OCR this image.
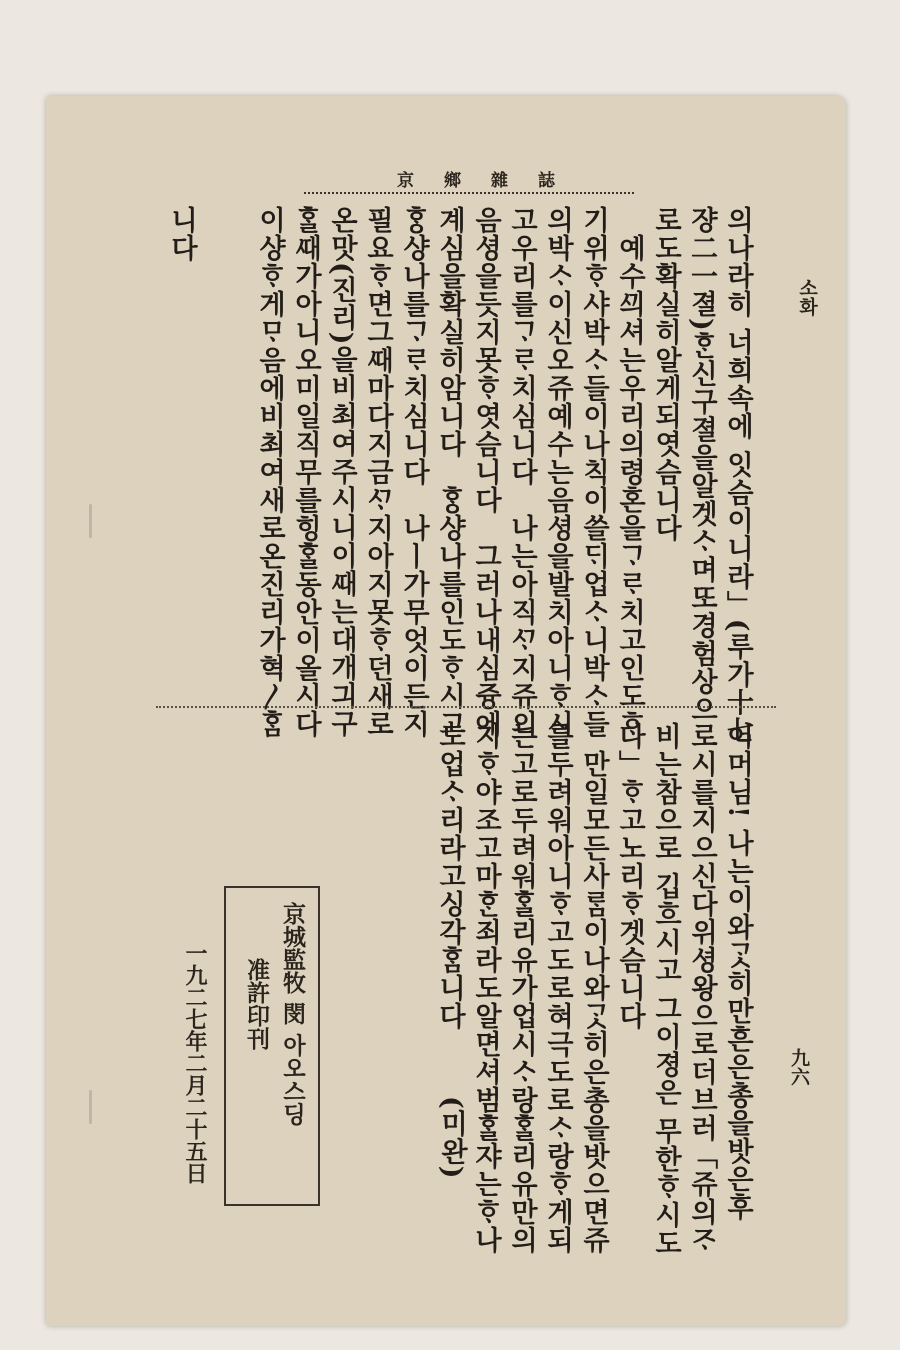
京鄉雜誌
소화
九六
의나라히 너희속에 잇슴이니라」(루가十七
쟝二一졀)ᄒᆞᆫ신구졀을알겟ᄉᆞ며또경험상으
로도확실히알게되엿슴니다
　예수ᄭᅴ셔는우리의령혼을ᄀᆞᄅᆞ치고인도ᄒᆞ
기위ᄒᆞ샤박ᄉᆞ들이나칙이쓸ᄃᆡ업ᄉᆞ니박ᄉᆞ들
의박ᄉᆞ이신오쥬예수는음셩을발치아니ᄒᆞ시
고우리를ᄀᆞᄅᆞ치심니다　나는아직ᄭᆞ지쥬의
음셩을듯지못ᄒᆞ엿슴니다　그러나내심즁에
계심을확실히암니다　ᄒᆞᆼ샹나를인도ᄒᆞ시고
ᄒᆞᆼ샹나를ᄀᆞᄅᆞ치심니다　나ㅣ가무엇이든지
필요ᄒᆞ면그ᄯᅢ마다지금ᄭᆞ지아지못ᄒᆞ던새로
온맛(진리)을비최여주시니이ᄯᅢ는대개긔구
ᄒᆞᆯᄯᅢ가아니오미일직무를힝ᄒᆞᆯ동안이올시다
이샹ᄒᆞ게ᄆᆞ음에비최여새로온진리가혁〳ᄒᆞᆷ
니다
어머님! 나는이와ᄀᆞᆺ히만흔은총을밧은후
로시를지으신다위셩왕으로더브러「쥬의ᄌᆞ
비는참으로 깁흐시고 그이졍은 무한ᄒᆞ시도
다」ᄒᆞ고노리ᄒᆞ겟슴니다
　만일모든사ᄅᆞᆷ이나와ᄀᆞᆺ히은총을밧으면쥬
를두려워아니ᄒᆞ고도로혀극도로ᄉᆞ랑ᄒᆞ게되
는고로두려워ᄒᆞᆯ리유가업시ᄉᆞ랑ᄒᆞᆯ리유만의
지ᄒᆞ야조고마ᄒᆞᆫ죄라도알면셔범ᄒᆞᆯ쟈는ᄒᆞ나
도업ᄉᆞ리라고싱각ᄒᆞᆷ니다
(미완)
京城監牧 閔 아오스딩
准許印刊
一九二七年二月二十五日
